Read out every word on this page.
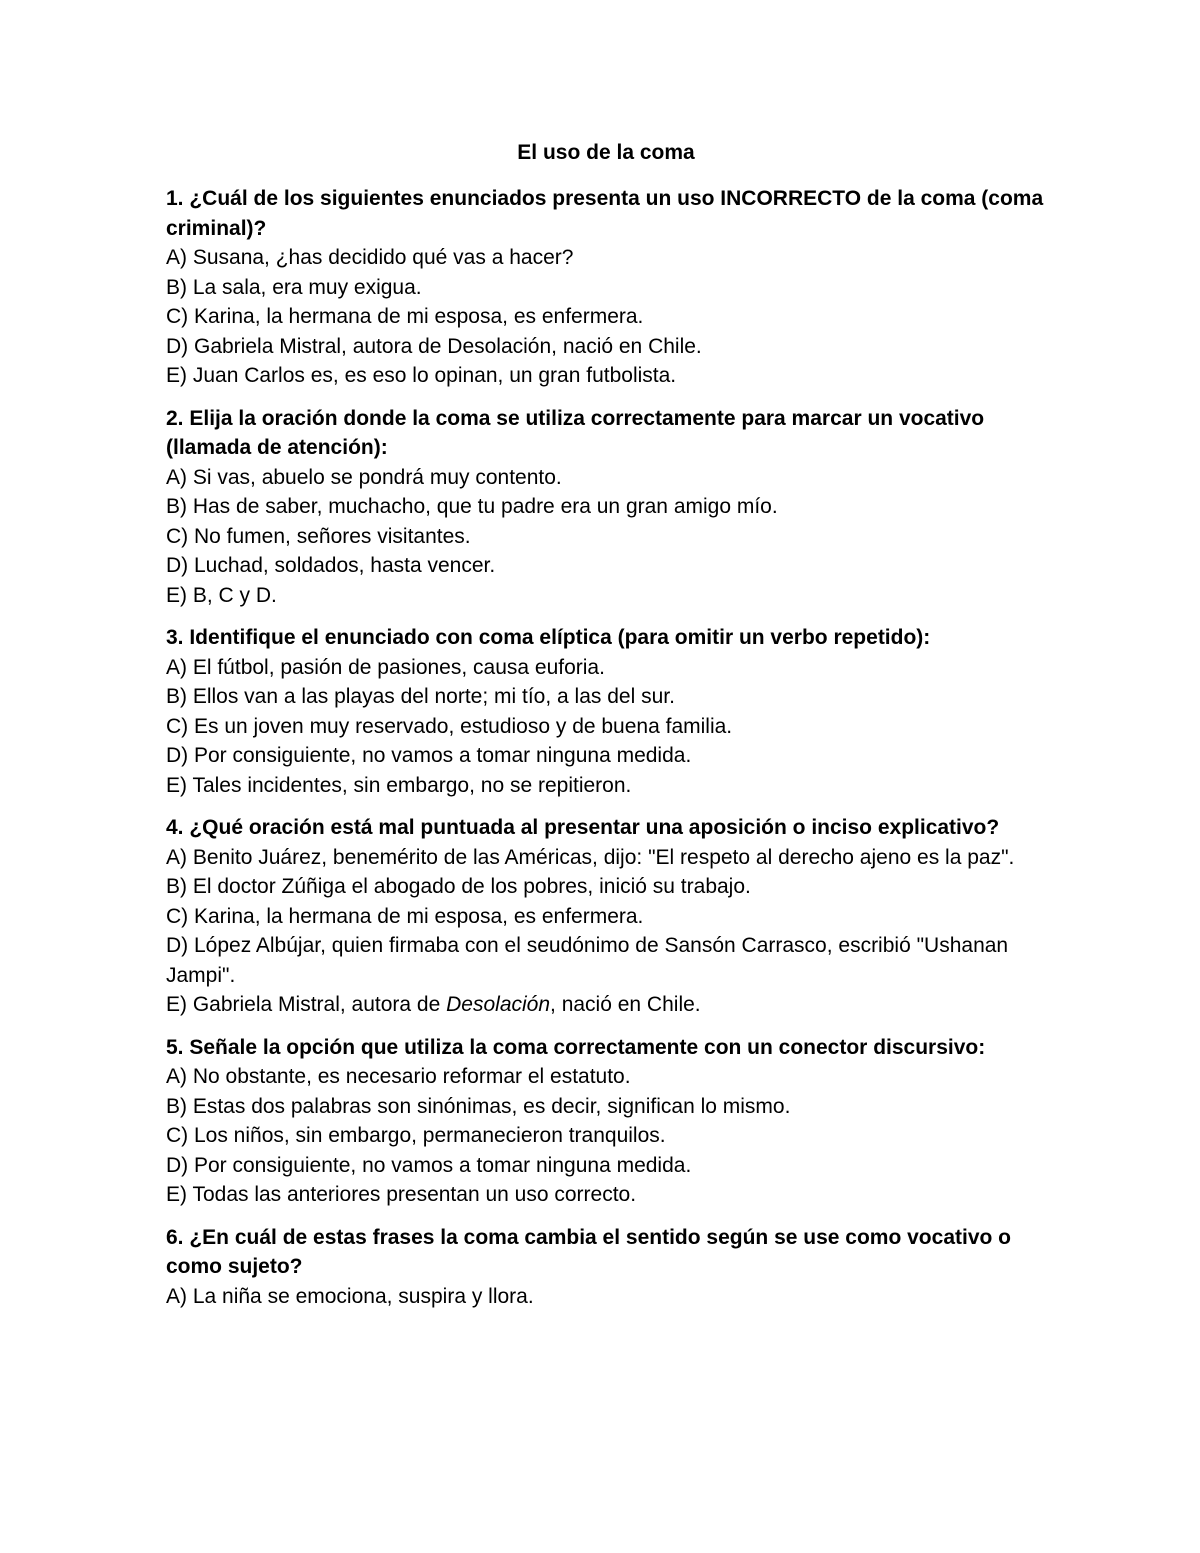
El uso de la coma

1. ¿Cuál de los siguientes enunciados presenta un uso INCORRECTO de la coma (coma criminal)?

A) Susana, ¿has decidido qué vas a hacer?
B) La sala, era muy exigua.
C) Karina, la hermana de mi esposa, es enfermera.
D) Gabriela Mistral, autora de Desolación, nació en Chile.
E) Juan Carlos es, es eso lo opinan, un gran futbolista.

2. Elija la oración donde la coma se utiliza correctamente para marcar un vocativo (llamada de atención):

A) Si vas, abuelo se pondrá muy contento.
B) Has de saber, muchacho, que tu padre era un gran amigo mío.
C) No fumen, señores visitantes.
D) Luchad, soldados, hasta vencer.
E) B, C y D.

3. Identifique el enunciado con coma elíptica (para omitir un verbo repetido):

A) El fútbol, pasión de pasiones, causa euforia.
B) Ellos van a las playas del norte; mi tío, a las del sur.
C) Es un joven muy reservado, estudioso y de buena familia.
D) Por consiguiente, no vamos a tomar ninguna medida.
E) Tales incidentes, sin embargo, no se repitieron.

4. ¿Qué oración está mal puntuada al presentar una aposición o inciso explicativo?

A) Benito Juárez, benemérito de las Américas, dijo: "El respeto al derecho ajeno es la paz".
B) El doctor Zúñiga el abogado de los pobres, inició su trabajo.
C) Karina, la hermana de mi esposa, es enfermera.
D) López Albújar, quien firmaba con el seudónimo de Sansón Carrasco, escribió "Ushanan Jampi".
E) Gabriela Mistral, autora de Desolación, nació en Chile.

5. Señale la opción que utiliza la coma correctamente con un conector discursivo:

A) No obstante, es necesario reformar el estatuto.
B) Estas dos palabras son sinónimas, es decir, significan lo mismo.
C) Los niños, sin embargo, permanecieron tranquilos.
D) Por consiguiente, no vamos a tomar ninguna medida.
E) Todas las anteriores presentan un uso correcto.

6. ¿En cuál de estas frases la coma cambia el sentido según se use como vocativo o como sujeto?

A) La niña se emociona, suspira y llora.
